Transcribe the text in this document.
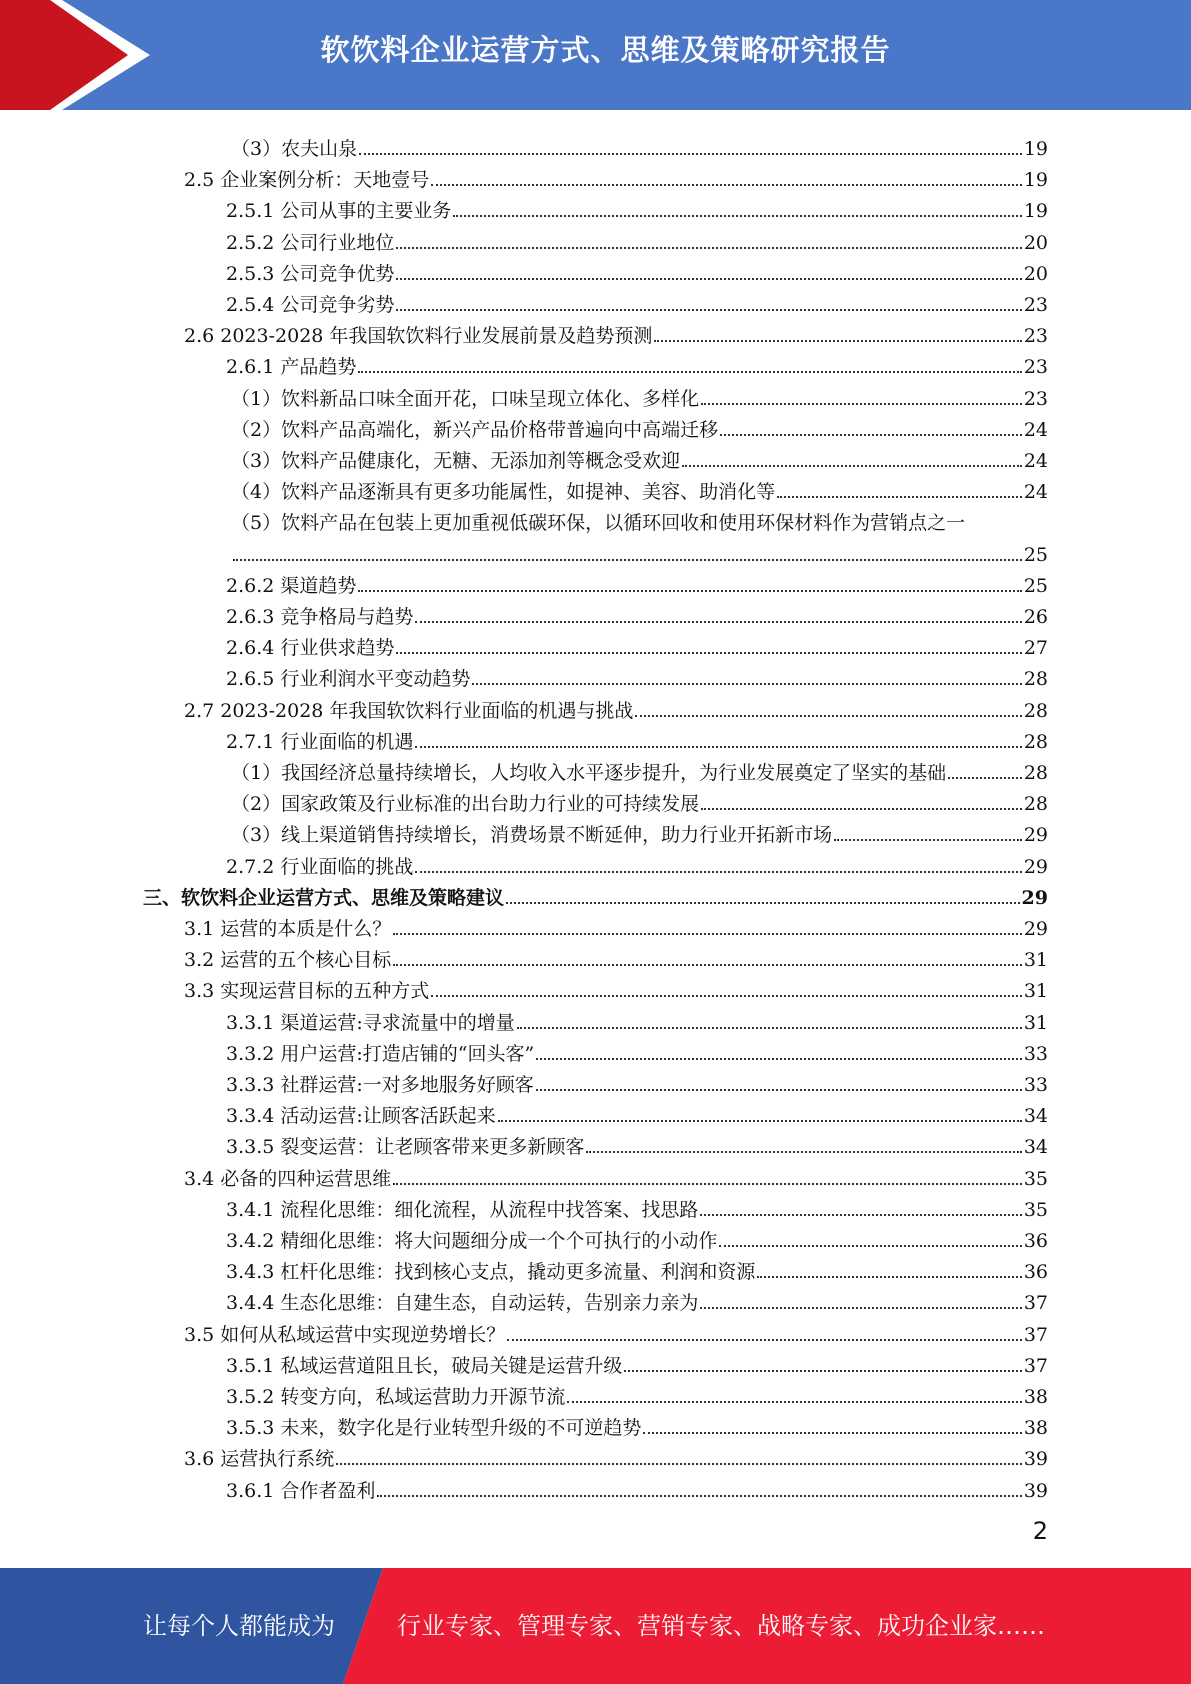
软饮料企业运营方式、思维及策略研究报告
（3）农夫山泉	19
2.5 企业案例分析：天地壹号	19
2.5.1 公司从事的主要业务	19
2.5.2 公司行业地位	20
2.5.3 公司竞争优势	20
2.5.4 公司竞争劣势	23
2.6 2023-2028 年我国软饮料行业发展前景及趋势预测	23
2.6.1 产品趋势	23
（1）饮料新品口味全面开花，口味呈现立体化、多样化	23
（2）饮料产品高端化，新兴产品价格带普遍向中高端迁移	24
（3）饮料产品健康化，无糖、无添加剂等概念受欢迎	24
（4）饮料产品逐渐具有更多功能属性，如提神、美容、助消化等	24
（5）饮料产品在包装上更加重视低碳环保，以循环回收和使用环保材料作为营销点之一
25
2.6.2 渠道趋势	25
2.6.3 竞争格局与趋势	26
2.6.4 行业供求趋势	27
2.6.5 行业利润水平变动趋势	28
2.7 2023-2028 年我国软饮料行业面临的机遇与挑战	28
2.7.1 行业面临的机遇	28
（1）我国经济总量持续增长，人均收入水平逐步提升，为行业发展奠定了坚实的基础	28
（2）国家政策及行业标准的出台助力行业的可持续发展	28
（3）线上渠道销售持续增长，消费场景不断延伸，助力行业开拓新市场	29
2.7.2 行业面临的挑战	29
三、软饮料企业运营方式、思维及策略建议	29
3.1 运营的本质是什么？	29
3.2 运营的五个核心目标	31
3.3 实现运营目标的五种方式	31
3.3.1 渠道运营:寻求流量中的增量	31
3.3.2 用户运营:打造店铺的“回头客”	33
3.3.3 社群运营:一对多地服务好顾客	33
3.3.4 活动运营:让顾客活跃起来	34
3.3.5 裂变运营：让老顾客带来更多新顾客	34
3.4 必备的四种运营思维	35
3.4.1 流程化思维：细化流程，从流程中找答案、找思路	35
3.4.2 精细化思维：将大问题细分成一个个可执行的小动作	36
3.4.3 杠杆化思维：找到核心支点，撬动更多流量、利润和资源	36
3.4.4 生态化思维：自建生态，自动运转，告别亲力亲为	37
3.5 如何从私域运营中实现逆势增长？	37
3.5.1 私域运营道阻且长，破局关键是运营升级	37
3.5.2 转变方向，私域运营助力开源节流	38
3.5.3 未来，数字化是行业转型升级的不可逆趋势	38
3.6 运营执行系统	39
3.6.1 合作者盈利	39
2
让每个人都能成为	行业专家、管理专家、营销专家、战略专家、成功企业家……
